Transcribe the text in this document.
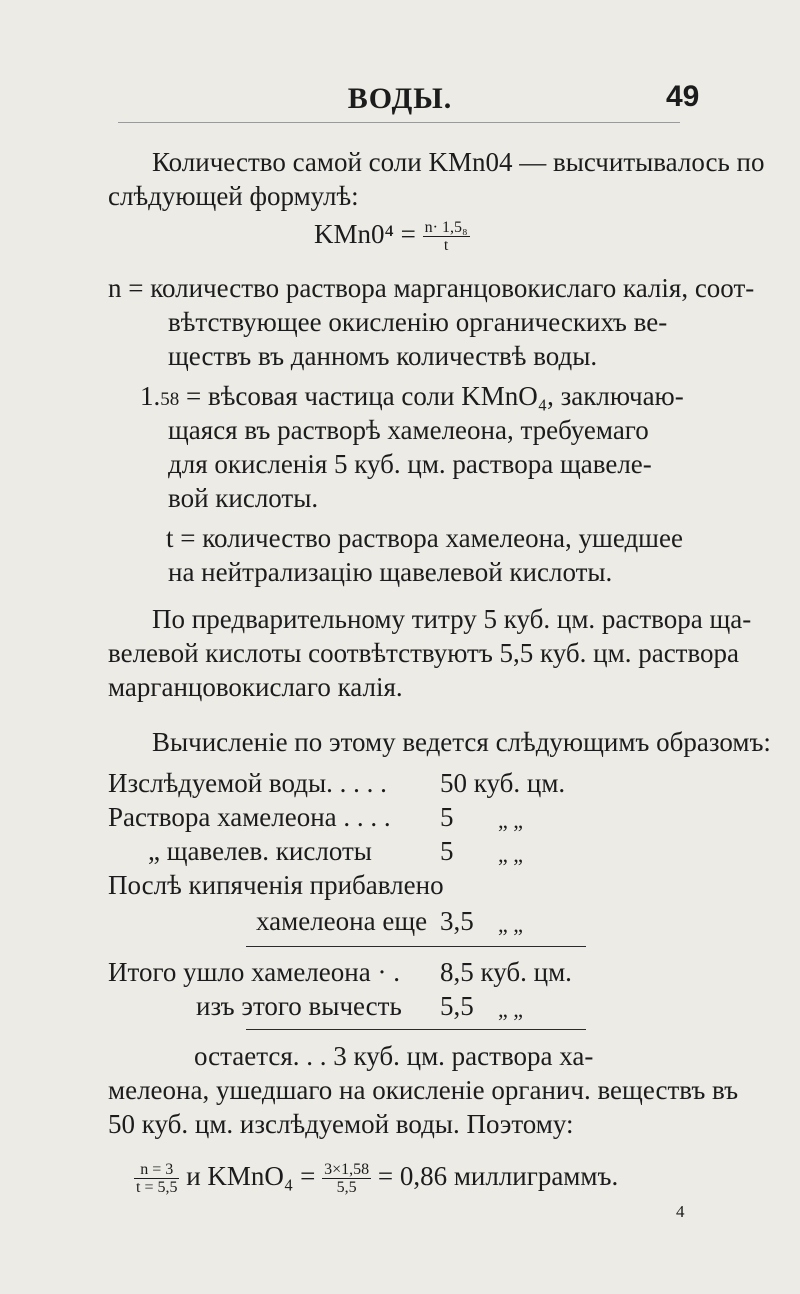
ВОДЫ.	49
Количество самой соли KMn04 — высчитывалось по
слѣдующей формулѣ:
$KMn0^4 = \frac{\text{n· 1,5₈}}{t}$
n = количество раствора марганцовокислаго калія, соот-
вѣтствующее окисленію органическихъ ве-
ществъ въ данномъ количествѣ воды.
1.58 = вѣсовая частица соли KMnO₄, заключаю-
щаяся въ растворѣ хамелеона, требуемаго
для окисленія 5 куб. цм. раствора щавеле-
вой кислоты.
t = количество раствора хамелеона, ушедшее
на нейтрализацію щавелевой кислоты.
По предварительному титру 5 куб. цм. раствора ща-
велевой кислоты соотвѣтствуютъ 5,5 куб. цм. раствора
марганцовокислаго калія.
Вычисленіе по этому ведется слѣдующимъ образомъ:
Изслѣдуемой воды. . . . . 50 куб. цм.
Раствора хамелеона . . . . 5 „ „
„ щавелев. кислоты	5 „ „
Послѣ кипяченія прибавлено
хамелеона еще 3,5 „ „
Итого ушло хамелеона · . 8,5 куб. цм.
изъ этого вычесть 5,5 „ „
остается. . . 3 куб. цм. раствора ха-
мелеона, ушедшаго на окисленіе органич. веществъ въ
50 куб. цм. изслѣдуемой воды. Поэтому:
$\frac{n = 3}{t = 5,5}$ и KMnO₄ = $\frac{3\times 1,58}{5,5} = 0,86$ миллиграммъ.
4
